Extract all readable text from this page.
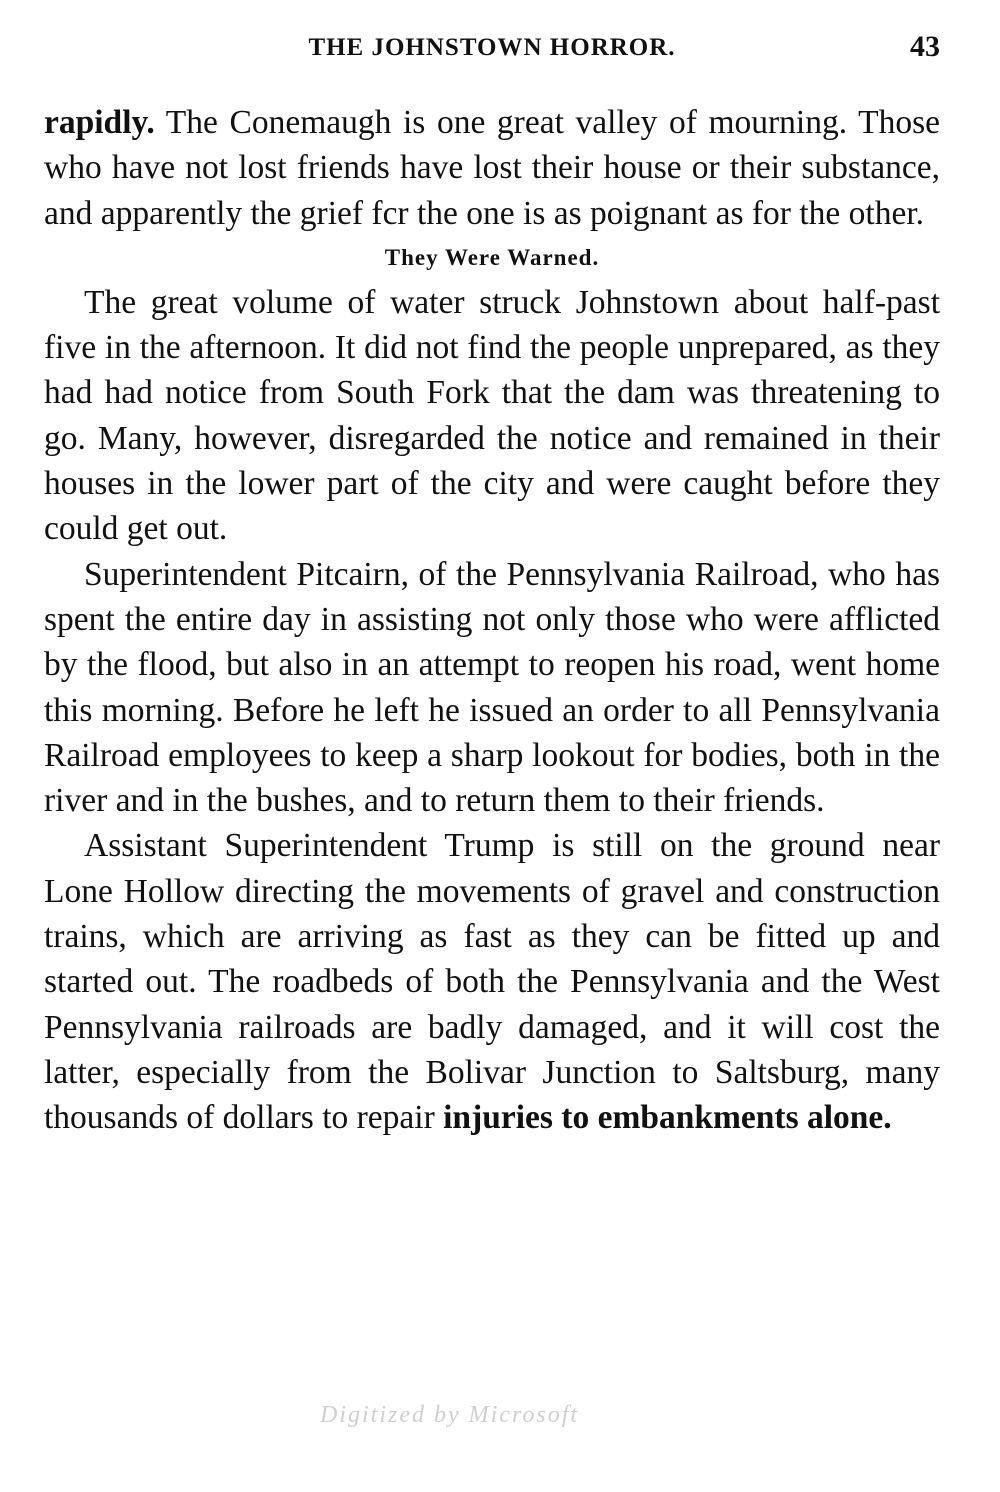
THE JOHNSTOWN HORROR.	43

rapidly. The Conemaugh is one great valley of mourning. Those who have not lost friends have lost their house or their substance, and apparently the grief fcr the one is as poignant as for the other.

They Were Warned.

The great volume of water struck Johnstown about half-past five in the afternoon. It did not find the people unprepared, as they had had notice from South Fork that the dam was threatening to go. Many, however, disregarded the notice and remained in their houses in the lower part of the city and were caught before they could get out.

Superintendent Pitcairn, of the Pennsylvania Railroad, who has spent the entire day in assisting not only those who were afflicted by the flood, but also in an attempt to reopen his road, went home this morning. Before he left he issued an order to all Pennsylvania Railroad employees to keep a sharp lookout for bodies, both in the river and in the bushes, and to return them to their friends.

Assistant Superintendent Trump is still on the ground near Lone Hollow directing the movements of gravel and construction trains, which are arriving as fast as they can be fitted up and started out. The roadbeds of both the Pennsylvania and the West Pennsylvania railroads are badly damaged, and it will cost the latter, especially from the Bolivar Junction to Saltsburg, many thousands of dollars to repair injuries to embankments alone.

Digitized by Microsoft
